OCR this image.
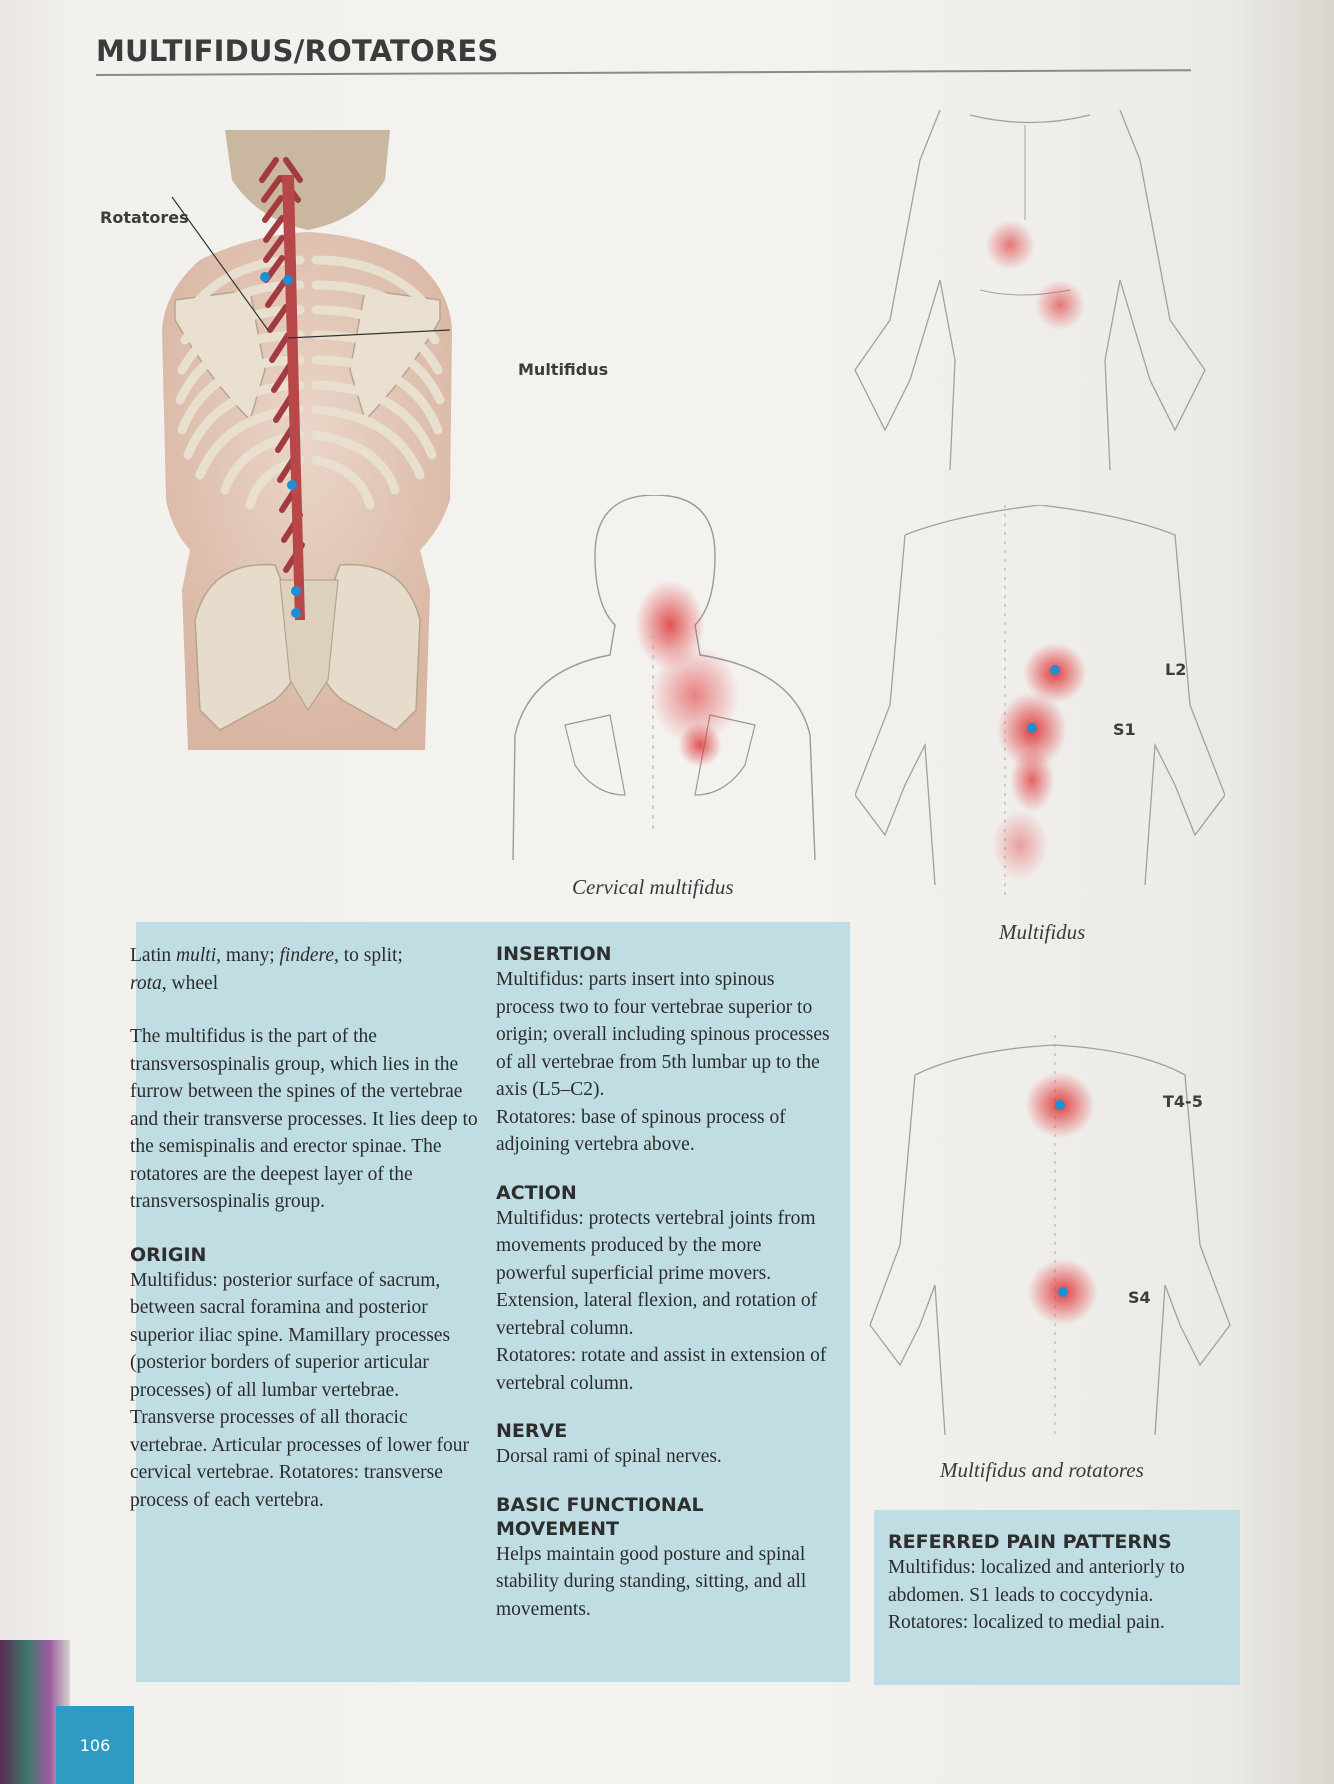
MULTIFIDUS/ROTATORES
Rotatores
Multifidus
Cervical multifidus
L2
S1
Multifidus
T4-5
S4
Multifidus and rotatores

Latin multi, many; findere, to split;
rota, wheel

The multifidus is the part of the transversospinalis group, which lies in the furrow between the spines of the vertebrae and their transverse processes. It lies deep to the semispinalis and erector spinae. The rotatores are the deepest layer of the transversospinalis group.

ORIGIN

Multifidus: posterior surface of sacrum, between sacral foramina and posterior superior iliac spine. Mamillary processes (posterior borders of superior articular processes) of all lumbar vertebrae. Transverse processes of all thoracic vertebrae. Articular processes of lower four cervical vertebrae. Rotatores: transverse process of each vertebra.

INSERTION

Multifidus: parts insert into spinous process two to four vertebrae superior to origin; overall including spinous processes of all vertebrae from 5th lumbar up to the axis (L5–C2).

Rotatores: base of spinous process of adjoining vertebra above.

ACTION

Multifidus: protects vertebral joints from movements produced by the more powerful superficial prime movers. Extension, lateral flexion, and rotation of vertebral column.

Rotatores: rotate and assist in extension of vertebral column.

NERVE

Dorsal rami of spinal nerves.

BASIC FUNCTIONAL
MOVEMENT

Helps maintain good posture and spinal stability during standing, sitting, and all movements.

REFERRED PAIN PATTERNS

Multifidus: localized and anteriorly to abdomen. S1 leads to coccydynia.

Rotatores: localized to medial pain.

106
